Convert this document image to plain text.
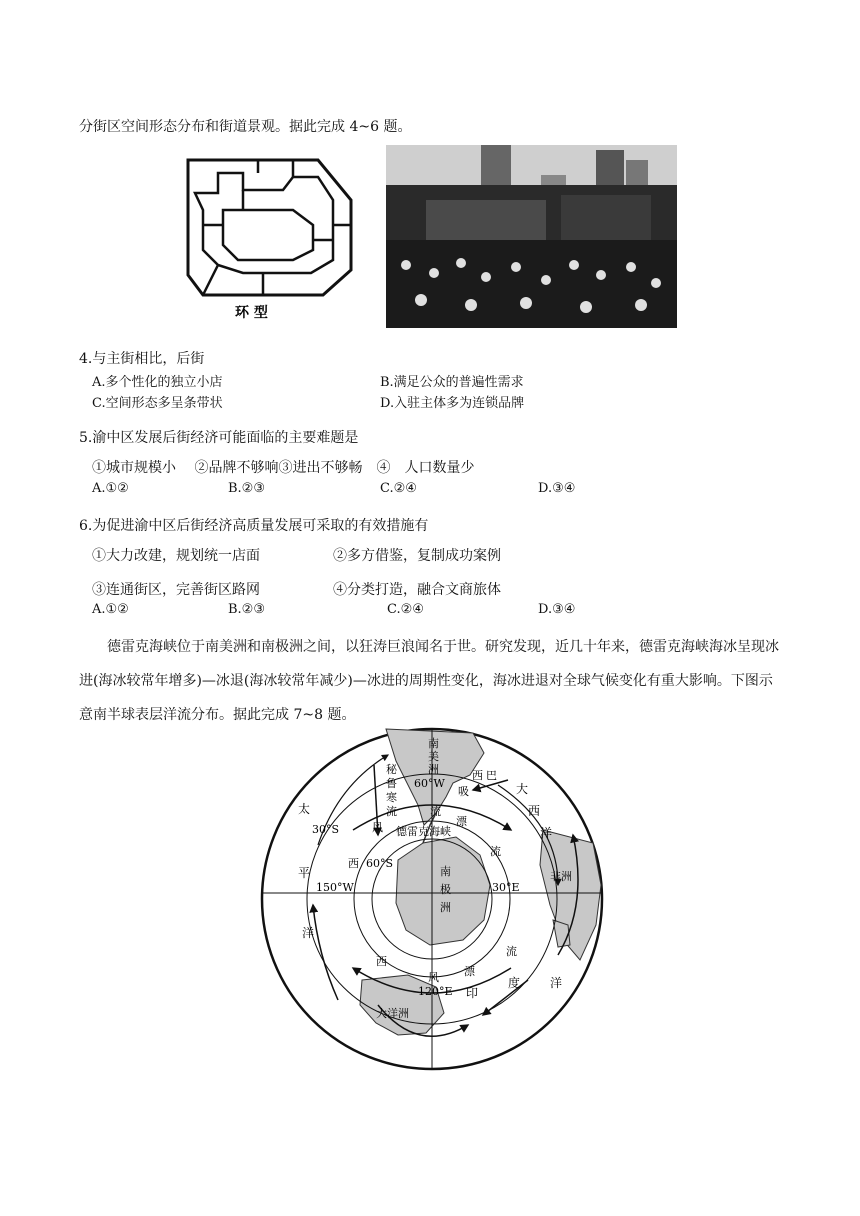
分街区空间形态分布和街道景观。据此完成 4~6 题。
环 型
4.与主街相比，后街
A.多个性化的独立小店	B.满足公众的普遍性需求
C.空间形态多呈条带状	D.入驻主体多为连锁品牌
5.渝中区发展后街经济可能面临的主要难题是
①城市规模小　 ②品牌不够响③进出不够畅　④　人口数量少
A.①②	B.②③	C.②④	D.③④
6.为促进渝中区后街经济高质量发展可采取的有效措施有
①大力改建，规划统一店面	②多方借鉴，复制成功案例
③连通街区，完善街区路网	④分类打造，融合文商旅体
A.①②	B.②③	C.②④	D.③④
德雷克海峡位于南美洲和南极洲之间，以狂涛巨浪闻名于世。研究发现，近几十年来，德雷克海峡海冰呈现冰进(海冰较常年增多)—冰退(海冰较常年减少)—冰进的周期性变化，海冰进退对全球气候变化有重大影响。下图示意南半球表层洋流分布。据此完成 7~8 题。
秘
鲁
寒
流
60°W
巴
西
吸	大
西
洋
太
平
洋
30°S
60°S
150°W	30°E
120°E
德雷克海峡
流
风
西
漂
流
流
西
风 漂
南
极
洲
印
度 洋
非洲
大洋洲
南
美
洲
